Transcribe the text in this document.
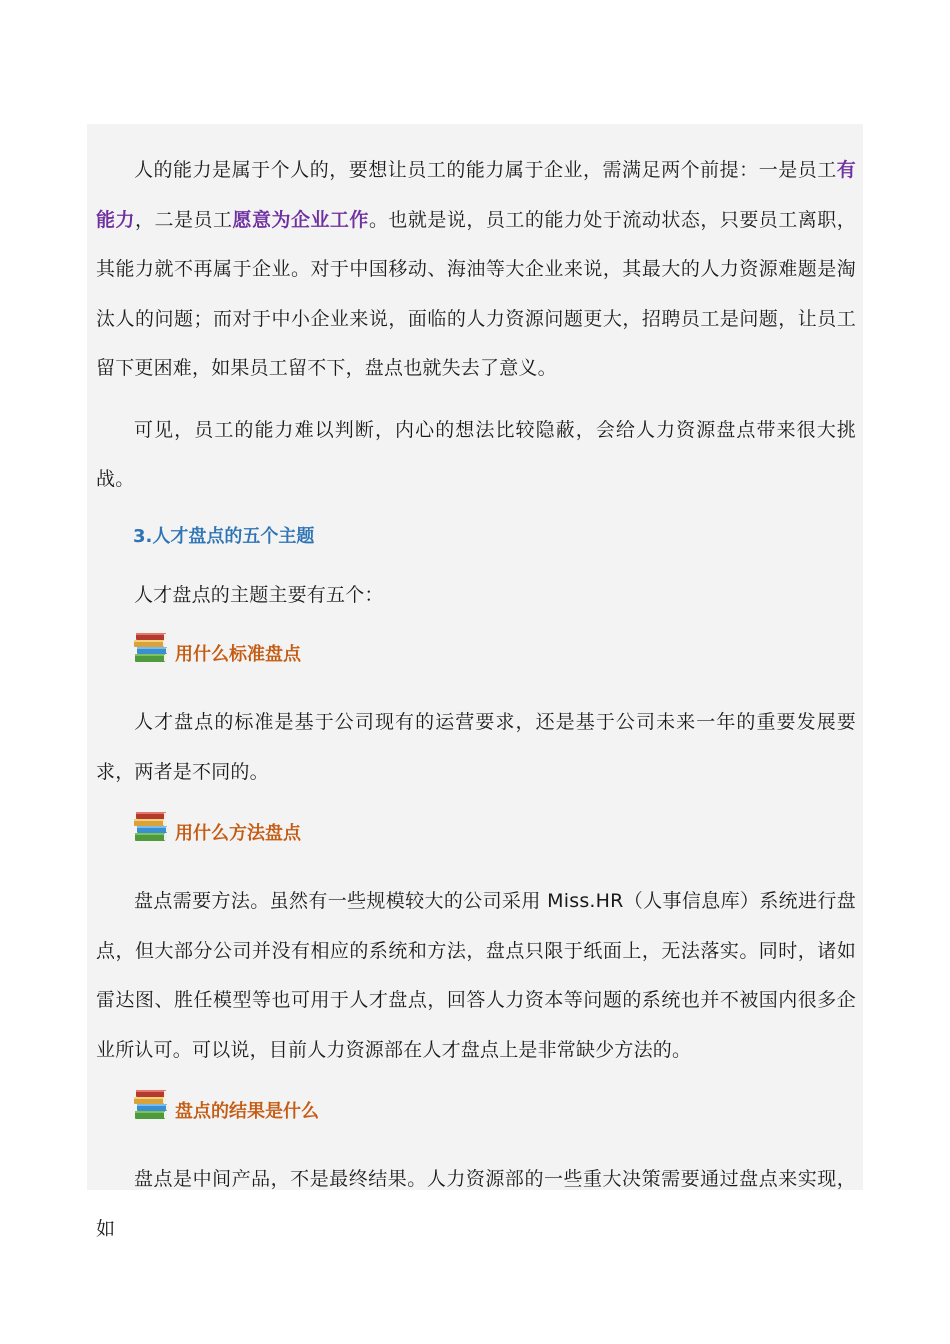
人的能力是属于个人的，要想让员工的能力属于企业，需满足两个前提：一是员工有能力，二是员工愿意为企业工作。也就是说，员工的能力处于流动状态，只要员工离职，其能力就不再属于企业。对于中国移动、海油等大企业来说，其最大的人力资源难题是淘汰人的问题；而对于中小企业来说，面临的人力资源问题更大，招聘员工是问题，让员工留下更困难，如果员工留不下，盘点也就失去了意义。

可见，员工的能力难以判断，内心的想法比较隐蔽，会给人力资源盘点带来很大挑战。

3.人才盘点的五个主题

人才盘点的主题主要有五个：

用什么标准盘点

人才盘点的标准是基于公司现有的运营要求，还是基于公司未来一年的重要发展要求，两者是不同的。

用什么方法盘点

盘点需要方法。虽然有一些规模较大的公司采用 Miss.HR（人事信息库）系统进行盘点，但大部分公司并没有相应的系统和方法，盘点只限于纸面上，无法落实。同时，诸如雷达图、胜任模型等也可用于人才盘点，回答人力资本等问题的系统也并不被国内很多企业所认可。可以说，目前人力资源部在人才盘点上是非常缺少方法的。

盘点的结果是什么

盘点是中间产品，不是最终结果。人力资源部的一些重大决策需要通过盘点来实现，如
